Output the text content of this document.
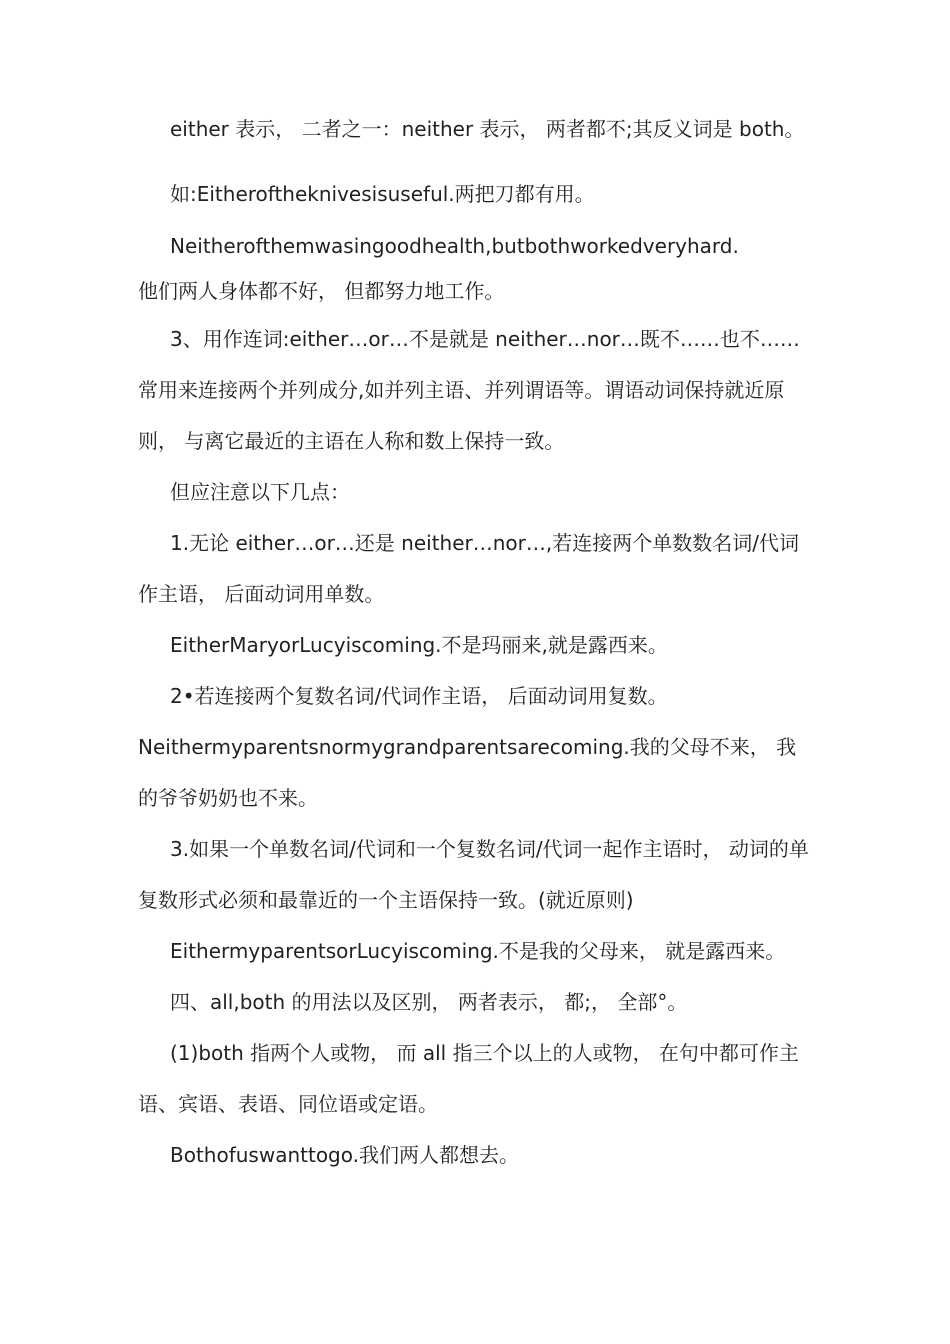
either 表示， 二者之一：neither 表示， 两者都不;其反义词是 both。

如:Eitheroftheknivesisuseful.两把刀都有用。

Neitherofthemwasingoodhealth,butbothworkedveryhard.

他们两人身体都不好， 但都努力地工作。

3、用作连词:either…or…不是就是 neither…nor…既不……也不……常用来连接两个并列成分,如并列主语、并列谓语等。谓语动词保持就近原则， 与离它最近的主语在人称和数上保持一致。

但应注意以下几点：

1.无论 either…or…还是 neither…nor…,若连接两个单数数名词/代词作主语， 后面动词用单数。

EitherMaryorLucyiscoming.不是玛丽来,就是露西来。

2•若连接两个复数名词/代词作主语， 后面动词用复数。

Neithermyparentsnormygrandparentsarecoming.我的父母不来， 我的爷爷奶奶也不来。

3.如果一个单数名词/代词和一个复数名词/代词一起作主语时， 动词的单复数形式必须和最靠近的一个主语保持一致。(就近原则)

EithermyparentsorLucyiscoming.不是我的父母来， 就是露西来。

四、all,both 的用法以及区别， 两者表示， 都;， 全部°。

(1)both 指两个人或物， 而 all 指三个以上的人或物， 在句中都可作主语、宾语、表语、同位语或定语。

Bothofuswanttogo.我们两人都想去。
